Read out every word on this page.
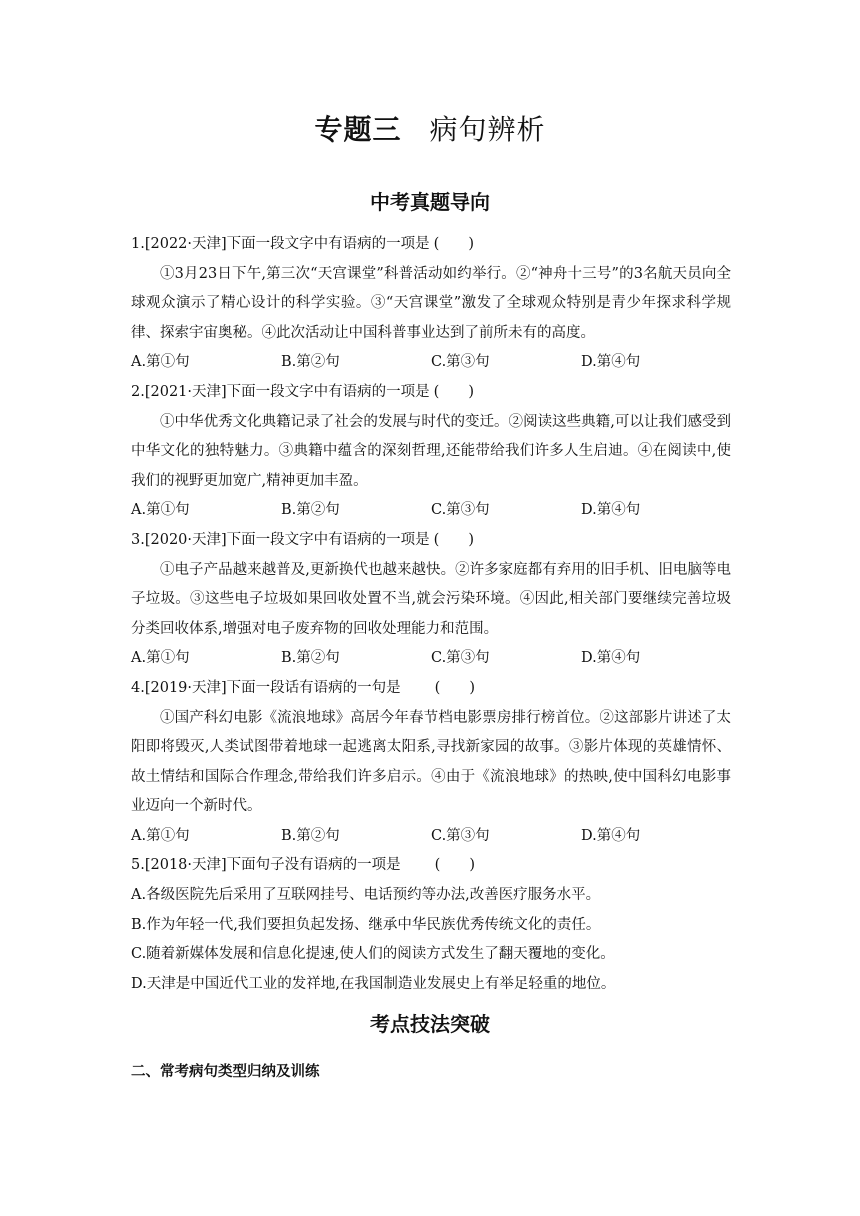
专题三 病句辨析
中考真题导向
1.[2022·天津]下面一段文字中有语病的一项是 (　　)
①3月23日下午,第三次“天宫课堂”科普活动如约举行。②“神舟十三号”的3名航天员向全球观众演示了精心设计的科学实验。③“天宫课堂”激发了全球观众特别是青少年探求科学规律、探索宇宙奥秘。④此次活动让中国科普事业达到了前所未有的高度。
A.第①句	B.第②句	C.第③句	D.第④句
2.[2021·天津]下面一段文字中有语病的一项是 (　　)
①中华优秀文化典籍记录了社会的发展与时代的变迁。②阅读这些典籍,可以让我们感受到中华文化的独特魅力。③典籍中蕴含的深刻哲理,还能带给我们许多人生启迪。④在阅读中,使我们的视野更加宽广,精神更加丰盈。
A.第①句	B.第②句	C.第③句	D.第④句
3.[2020·天津]下面一段文字中有语病的一项是 (　　)
①电子产品越来越普及,更新换代也越来越快。②许多家庭都有弃用的旧手机、旧电脑等电子垃圾。③这些电子垃圾如果回收处置不当,就会污染环境。④因此,相关部门要继续完善垃圾分类回收体系,增强对电子废弃物的回收处理能力和范围。
A.第①句	B.第②句	C.第③句	D.第④句
4.[2019·天津]下面一段话有语病的一句是 (　　)
①国产科幻电影《流浪地球》高居今年春节档电影票房排行榜首位。②这部影片讲述了太阳即将毁灭,人类试图带着地球一起逃离太阳系,寻找新家园的故事。③影片体现的英雄情怀、故土情结和国际合作理念,带给我们许多启示。④由于《流浪地球》的热映,使中国科幻电影事业迈向一个新时代。
A.第①句	B.第②句	C.第③句	D.第④句
5.[2018·天津]下面句子没有语病的一项是 (　　)
A.各级医院先后采用了互联网挂号、电话预约等办法,改善医疗服务水平。
B.作为年轻一代,我们要担负起发扬、继承中华民族优秀传统文化的责任。
C.随着新媒体发展和信息化提速,使人们的阅读方式发生了翻天覆地的变化。
D.天津是中国近代工业的发祥地,在我国制造业发展史上有举足轻重的地位。
考点技法突破
二、常考病句类型归纳及训练
